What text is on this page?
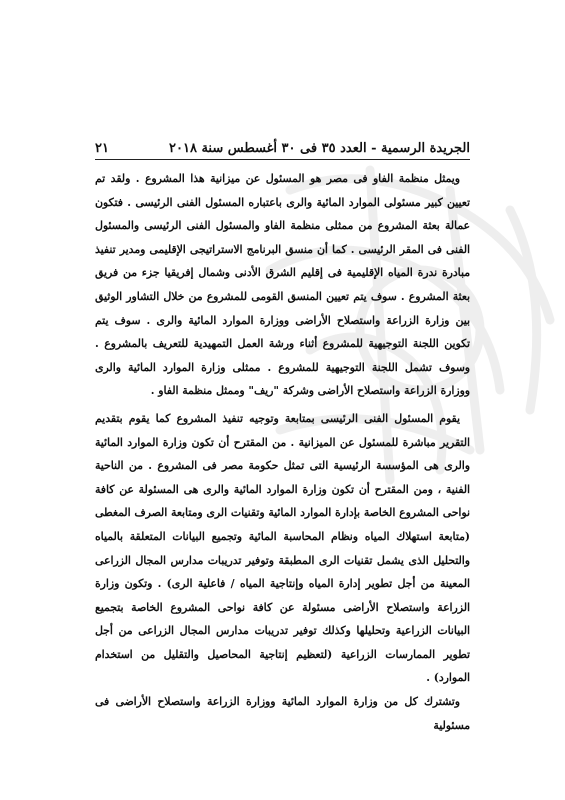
الجريدة الرسمية - العدد ٣٥ فى ٣٠ أغسطس سنة ٢٠١٨
٢١

ويمثل منظمة الفاو فى مصر هو المسئول عن ميزانية هذا المشروع . ولقد تم تعيين كبير مسئولى الموارد المائية والرى باعتباره المسئول الفنى الرئيسى . فتكون عمالة بعثة المشروع من ممثلى منظمة الفاو والمسئول الفنى الرئيسى والمسئول الفنى فى المقر الرئيسى . كما أن منسق البرنامج الاستراتيجى الإقليمى ومدير تنفيذ مبادرة ندرة المياه الإقليمية فى إقليم الشرق الأدنى وشمال إفريقيا جزء من فريق بعثة المشروع . سوف يتم تعيين المنسق القومى للمشروع من خلال التشاور الوثيق بين وزارة الزراعة واستصلاح الأراضى ووزارة الموارد المائية والرى . سوف يتم تكوين اللجنة التوجيهية للمشروع أثناء ورشة العمل التمهيدية للتعريف بالمشروع . وسوف تشمل اللجنة التوجيهية للمشروع . ممثلى وزارة الموارد المائية والرى ووزارة الزراعة واستصلاح الأراضى وشركة "ريف" وممثل منظمة الفاو .

يقوم المسئول الفنى الرئيسى بمتابعة وتوجيه تنفيذ المشروع كما يقوم بتقديم التقرير مباشرة للمسئول عن الميزانية . من المقترح أن تكون وزارة الموارد المائية والرى هى المؤسسة الرئيسية التى تمثل حكومة مصر فى المشروع . من الناحية الفنية ، ومن المقترح أن تكون وزارة الموارد المائية والرى هى المسئولة عن كافة نواحى المشروع الخاصة بإدارة الموارد المائية وتقنيات الرى ومتابعة الصرف المغطى (متابعة استهلاك المياه ونظام المحاسبة المائية وتجميع البيانات المتعلقة بالمياه والتحليل الذى يشمل تقنيات الرى المطبقة وتوفير تدريبات مدارس المجال الزراعى المعينة من أجل تطوير إدارة المياه وإنتاجية المياه / فاعلية الرى) . وتكون وزارة الزراعة واستصلاح الأراضى مسئولة عن كافة نواحى المشروع الخاصة بتجميع البيانات الزراعية وتحليلها وكذلك توفير تدريبات مدارس المجال الزراعى من أجل تطوير الممارسات الزراعية (لتعظيم إنتاجية المحاصيل والتقليل من استخدام الموارد) .

وتشترك كل من وزارة الموارد المائية ووزارة الزراعة واستصلاح الأراضى فى مسئولية
